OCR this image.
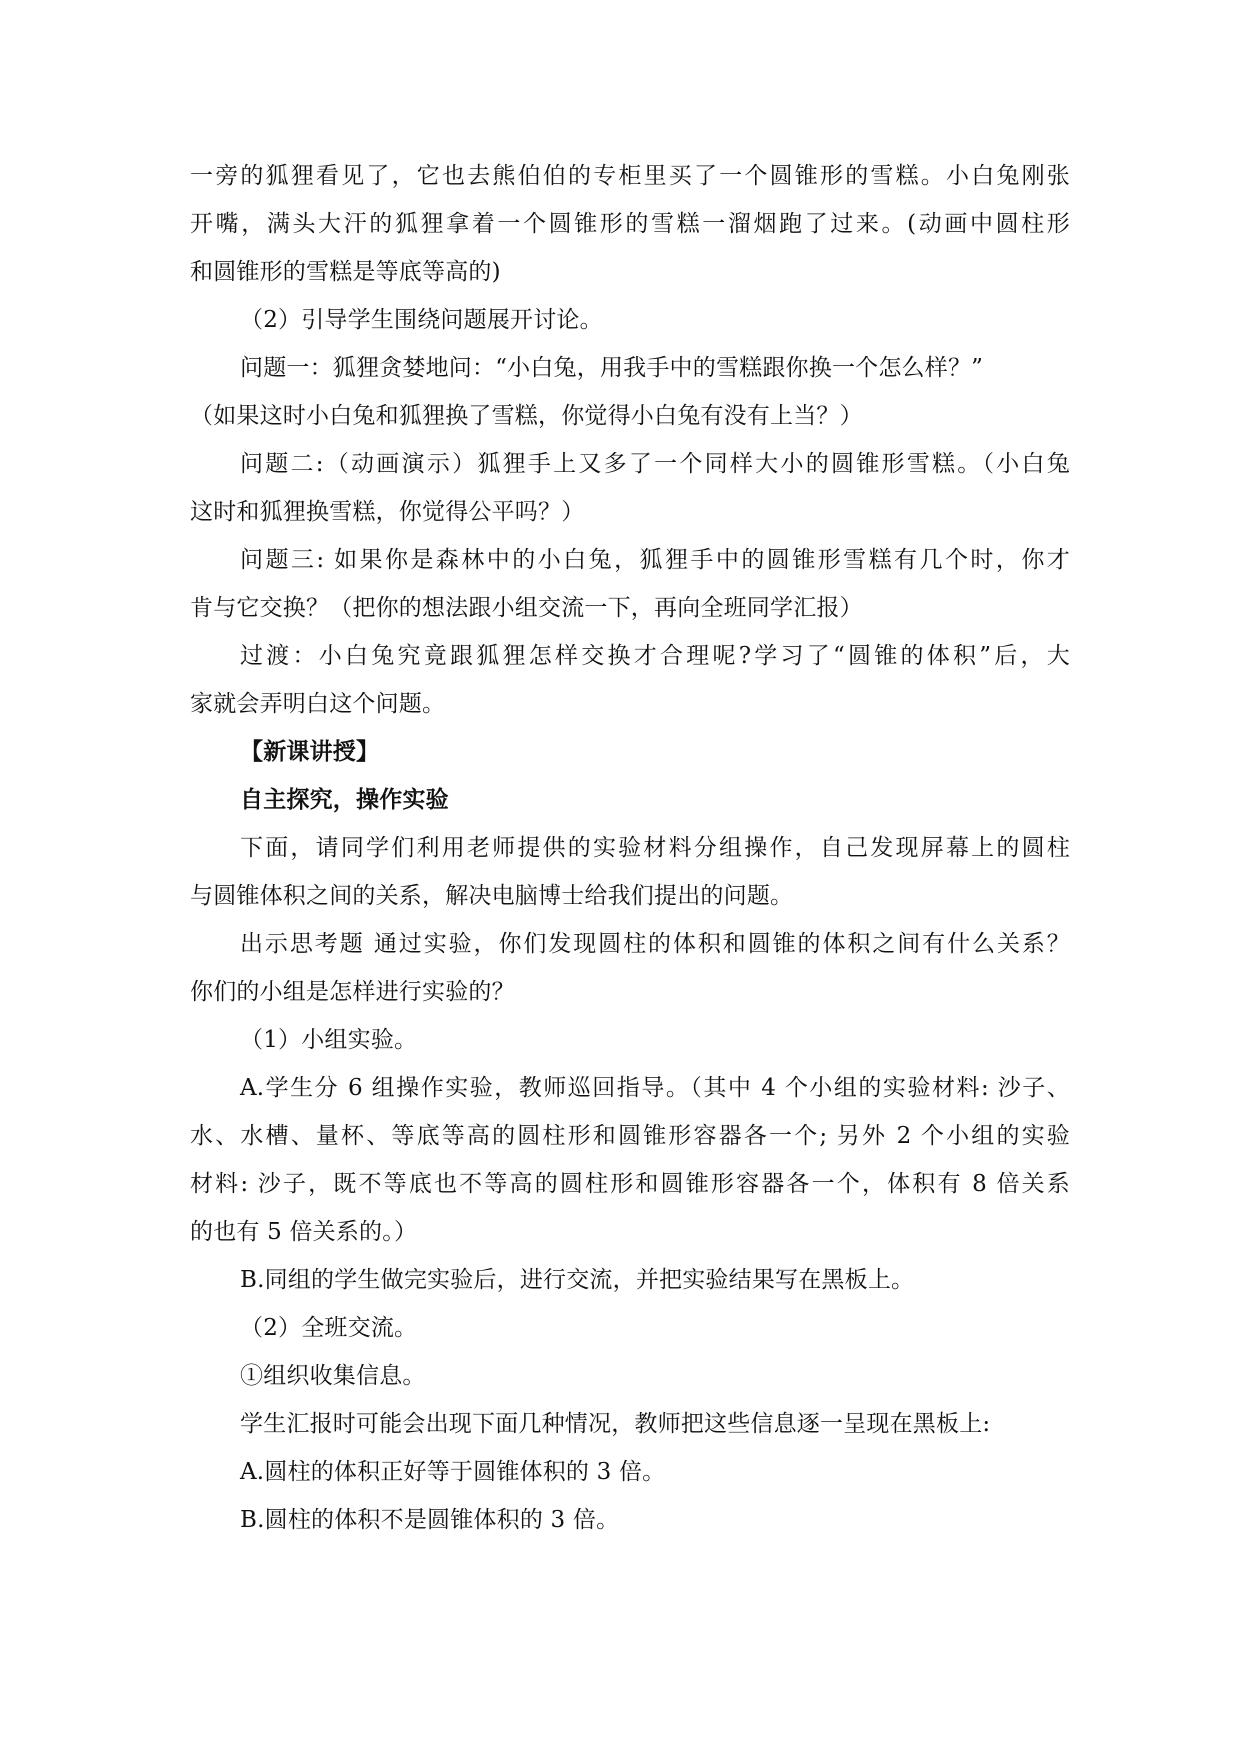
一旁的狐狸看见了，它也去熊伯伯的专柜里买了一个圆锥形的雪糕。小白兔刚张
开嘴，满头大汗的狐狸拿着一个圆锥形的雪糕一溜烟跑了过来。(动画中圆柱形
和圆锥形的雪糕是等底等高的)
（2）引导学生围绕问题展开讨论。
问题一：狐狸贪婪地问：“小白兔，用我手中的雪糕跟你换一个怎么样？”
（如果这时小白兔和狐狸换了雪糕，你觉得小白兔有没有上当？）
问题二:（动画演示）狐狸手上又多了一个同样大小的圆锥形雪糕。（小白兔
这时和狐狸换雪糕，你觉得公平吗？）
问题三: 如果你是森林中的小白兔，狐狸手中的圆锥形雪糕有几个时，你才
肯与它交换？（把你的想法跟小组交流一下，再向全班同学汇报）
过渡：小白兔究竟跟狐狸怎样交换才合理呢?学习了“圆锥的体积”后，大
家就会弄明白这个问题。
【新课讲授】
自主探究，操作实验
下面，请同学们利用老师提供的实验材料分组操作，自己发现屏幕上的圆柱
与圆锥体积之间的关系，解决电脑博士给我们提出的问题。
出示思考题 通过实验，你们发现圆柱的体积和圆锥的体积之间有什么关系？
你们的小组是怎样进行实验的？
（1）小组实验。
A.学生分 6 组操作实验，教师巡回指导。（其中 4 个小组的实验材料: 沙子、
水、水槽、量杯、等底等高的圆柱形和圆锥形容器各一个; 另外 2 个小组的实验
材料: 沙子，既不等底也不等高的圆柱形和圆锥形容器各一个，体积有 8 倍关系
的也有 5 倍关系的。）
B.同组的学生做完实验后，进行交流，并把实验结果写在黑板上。
（2）全班交流。
①组织收集信息。
学生汇报时可能会出现下面几种情况，教师把这些信息逐一呈现在黑板上:
A.圆柱的体积正好等于圆锥体积的 3 倍。
B.圆柱的体积不是圆锥体积的 3 倍。
